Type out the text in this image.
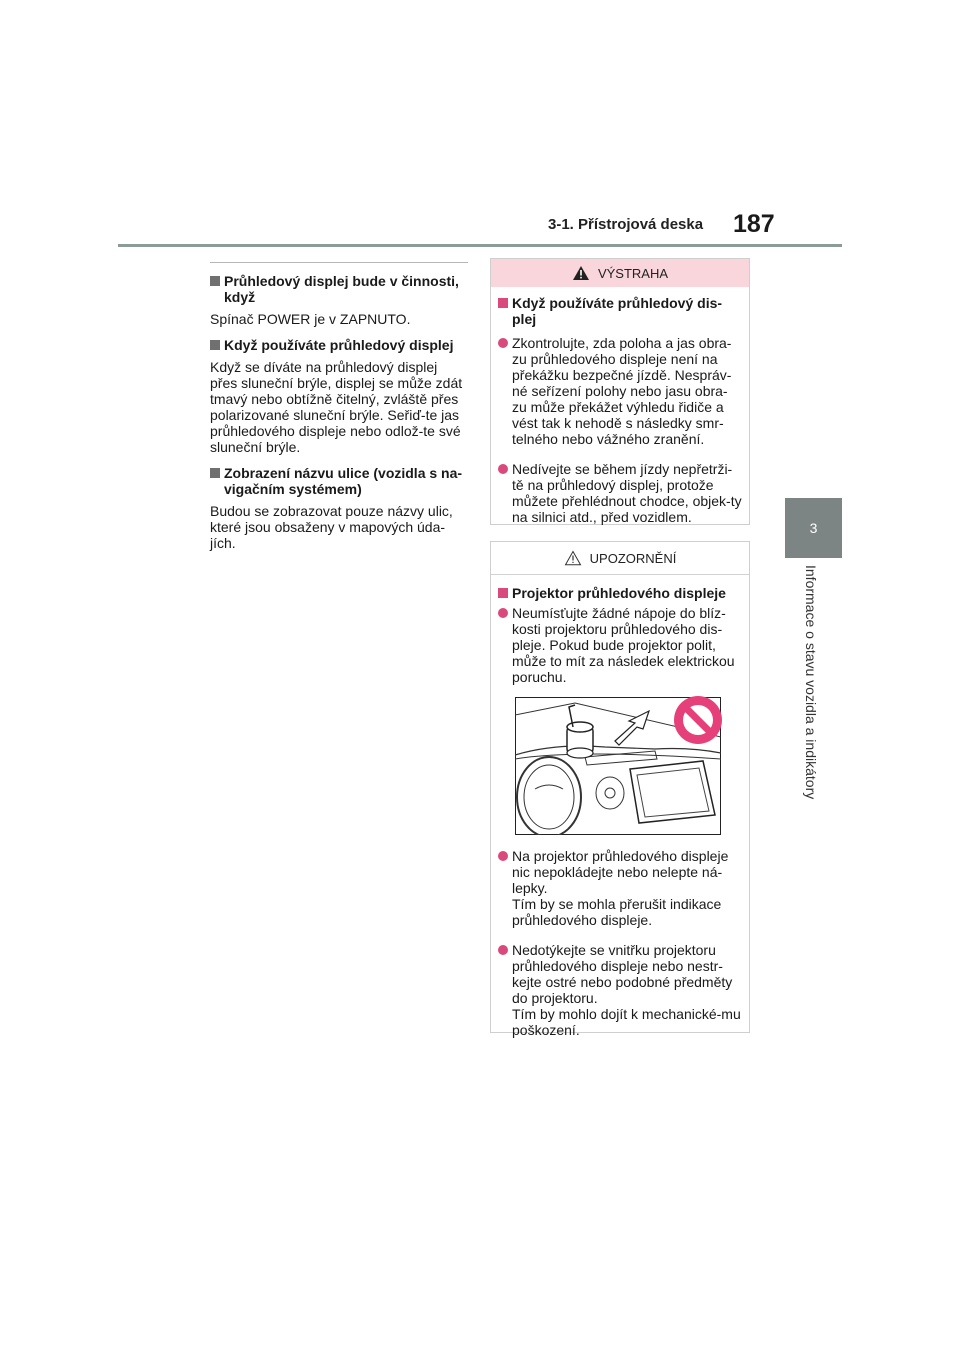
3-1. Přístrojová deska 187
3
Informace o stavu vozidla a indikátory
Průhledový displej bude v činnosti, když
Spínač POWER je v ZAPNUTO.
Když používáte průhledový displej
Když se díváte na průhledový displej přes sluneční brýle, displej se může zdát tmavý nebo obtížně čitelný, zvláště přes polarizované sluneční brýle. Seřiď-te jas průhledového displeje nebo odlož-te své sluneční brýle.
Zobrazení názvu ulice (vozidla s na-vigačním systémem)
Budou se zobrazovat pouze názvy ulic, které jsou obsaženy v mapových úda-jích.
VÝSTRAHA
Když používáte průhledový dis-plej
Zkontrolujte, zda poloha a jas obra-zu průhledového displeje není na překážku bezpečné jízdě. Nespráv-né seřízení polohy nebo jasu obra-zu může překážet výhledu řidiče a vést tak k nehodě s následky smr-telného nebo vážného zranění.
Nedívejte se během jízdy nepřetrži-tě na průhledový displej, protože můžete přehlédnout chodce, objek-ty na silnici atd., před vozidlem.
UPOZORNĚNÍ
Projektor průhledového displeje
Neumísťujte žádné nápoje do blíz-kosti projektoru průhledového dis-pleje. Pokud bude projektor polit, může to mít za následek elektrickou poruchu.
Na projektor průhledového displeje nic nepokládejte nebo nelepte ná-lepky.
Tím by se mohla přerušit indikace průhledového displeje.
Nedotýkejte se vnitřku projektoru průhledového displeje nebo nestr-kejte ostré nebo podobné předměty do projektoru.
Tím by mohlo dojít k mechanické-mu poškození.
